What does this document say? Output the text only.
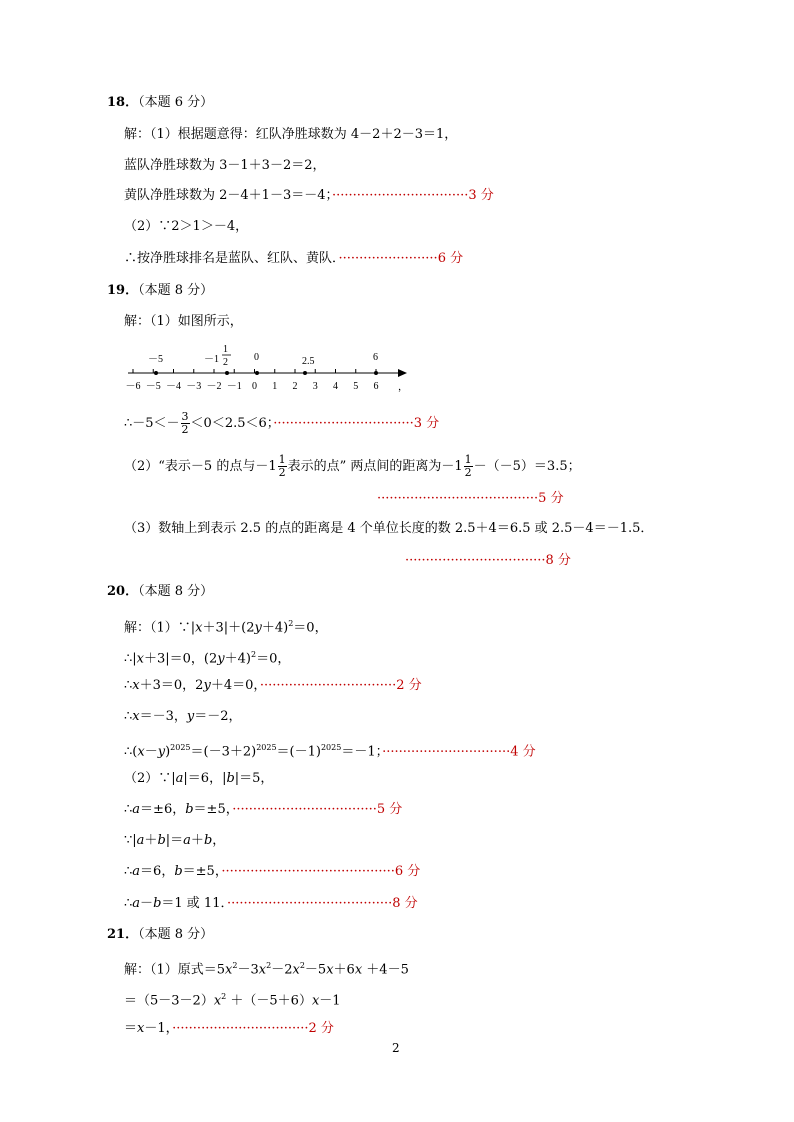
18．（本题 6 分）
解：（1）根据题意得：红队净胜球数为 4－2＋2－3＝1，
蓝队净胜球数为 3－1＋3－2＝2，
黄队净胜球数为 2－4＋1－3＝－4；·································3 分
（2）∵2＞1＞－4，
∴按净胜球排名是蓝队、红队、黄队．························6 分
19．（本题 8 分）
解：（1）如图所示，
－6 －5 －4 －3 －2 －1 0 1 2 3 4 5 6
－5	－1
1
2	0	2.5	6
，
∴－5＜－ $\frac{3}{2} <0<2.5<6$；··································3 分
（2）“表示－5 的点与$-1 \frac{1}{2}$ 表示的点” 两点间的距离为$-1 \frac{1}{2} -(-5)=3.5$；
·······································5 分
（3）数轴上到表示 2.5 的点的距离是 4 个单位长度的数 2.5＋4＝6.5 或 2.5－4＝－1.5．
··································8 分
20．（本题 8 分）
解：$(1)\because|x+3|+(2y+4)^2=0$，
∴|x＋3|＝0，$(2y+4)^2=0$，
∴x＋3＝0，2y＋4＝0，·································2 分
∴x＝－3，y＝－2，
$\therefore(x-y)^{2025}=(-3+2)^{2025}=(-1)^{2025}=-1$；·······························4 分
（2）∵|a|＝6，|b|＝5，
∴a＝±6，b＝±5，···································5 分
∵|a＋b|＝a＋b，
∴a＝6，b＝±5，··········································6 分
∴a－b＝1 或 11．········································8 分
21．（本题 8 分）
解：（1）原式$=5x^2-3x^2-2x^2-5x+6x +4-5$
$=(5-3-2)x^2 +(-5+6)x-1$
＝x－1，·································2 分
2
